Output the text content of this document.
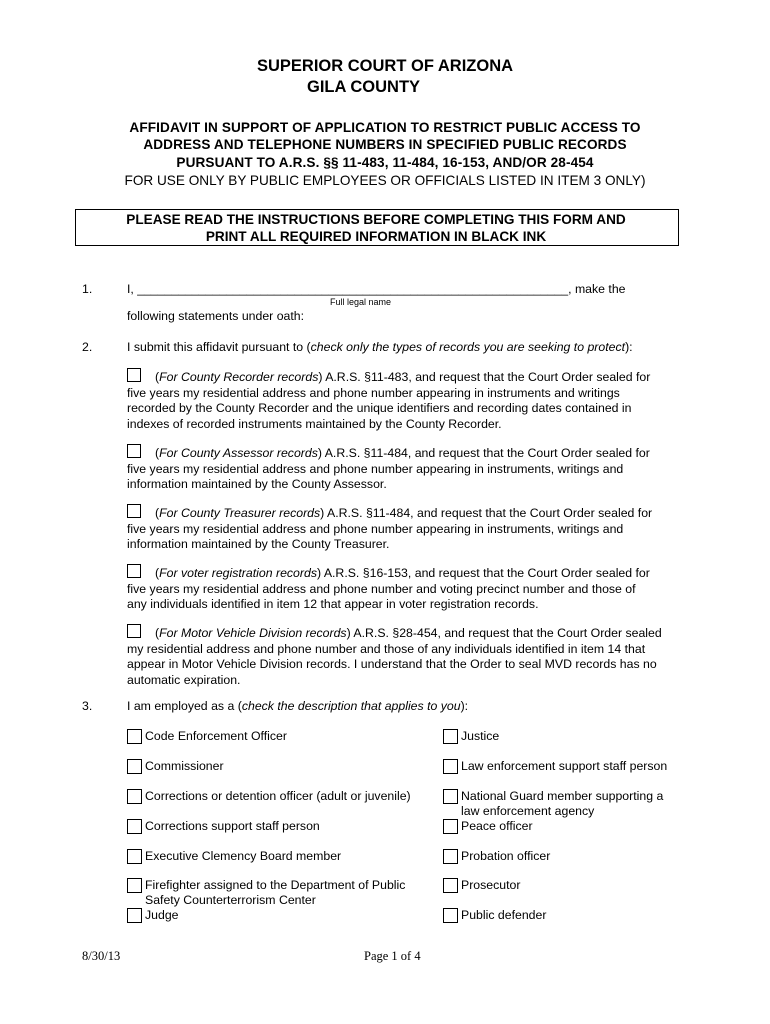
SUPERIOR COURT OF ARIZONA
GILA COUNTY
AFFIDAVIT IN SUPPORT OF APPLICATION TO RESTRICT PUBLIC ACCESS TO
ADDRESS AND TELEPHONE NUMBERS IN SPECIFIED PUBLIC RECORDS
PURSUANT TO A.R.S. §§ 11-483, 11-484, 16-153, AND/OR 28-454
FOR USE ONLY BY PUBLIC EMPLOYEES OR OFFICIALS LISTED IN ITEM 3 ONLY)
PLEASE READ THE INSTRUCTIONS BEFORE COMPLETING THIS FORM AND
PRINT ALL REQUIRED INFORMATION IN BLACK INK
1.	I, _______________________________________________________________, make the
Full legal name
following statements under oath:
2.	I submit this affidavit pursuant to (check only the types of records you are seeking to protect):
(For County Recorder records) A.R.S. §11-483, and request that the Court Order sealed for
five years my residential address and phone number appearing in instruments and writings
recorded by the County Recorder and the unique identifiers and recording dates contained in
indexes of recorded instruments maintained by the County Recorder.
(For County Assessor records) A.R.S. §11-484, and request that the Court Order sealed for
five years my residential address and phone number appearing in instruments, writings and
information maintained by the County Assessor.
(For County Treasurer records) A.R.S. §11-484, and request that the Court Order sealed for
five years my residential address and phone number appearing in instruments, writings and
information maintained by the County Treasurer.
(For voter registration records) A.R.S. §16-153, and request that the Court Order sealed for
five years my residential address and phone number and voting precinct number and those of
any individuals identified in item 12 that appear in voter registration records.
(For Motor Vehicle Division records) A.R.S. §28-454, and request that the Court Order sealed
my residential address and phone number and those of any individuals identified in item 14 that
appear in Motor Vehicle Division records. I understand that the Order to seal MVD records has no
automatic expiration.
3.	I am employed as a (check the description that applies to you):
Code Enforcement Officer
Commissioner
Corrections or detention officer (adult or juvenile)
Corrections support staff person
Executive Clemency Board member
Firefighter assigned to the Department of Public
Safety Counterterrorism Center
Judge
Justice
Law enforcement support staff person
National Guard member supporting a
law enforcement agency
Peace officer
Probation officer
Prosecutor
Public defender
8/30/13	Page 1 of 4
